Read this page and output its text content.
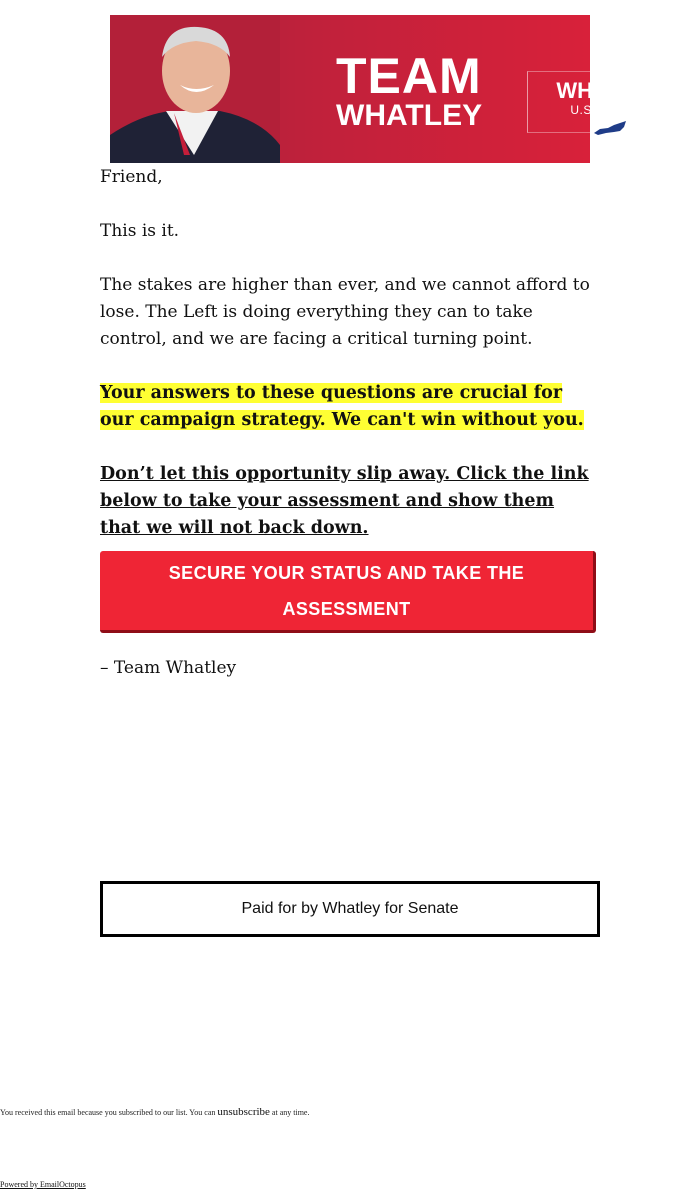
TEAM
WHATLEY
WHATLEY
U.S. SENATE

Friend,

This is it.

The stakes are higher than ever, and we cannot afford to lose. The Left is doing everything they can to take control, and we are facing a critical turning point.

Your answers to these questions are crucial for our campaign strategy. We can't win without you.

Don’t let this opportunity slip away. Click the link below to take your assessment and show them that we will not back down.

SECURE YOUR STATUS AND TAKE THE ASSESSMENT
– Team Whatley
Paid for by Whatley for Senate
You received this email because you subscribed to our list. You can unsubscribe at any time.
Powered by EmailOctopus
